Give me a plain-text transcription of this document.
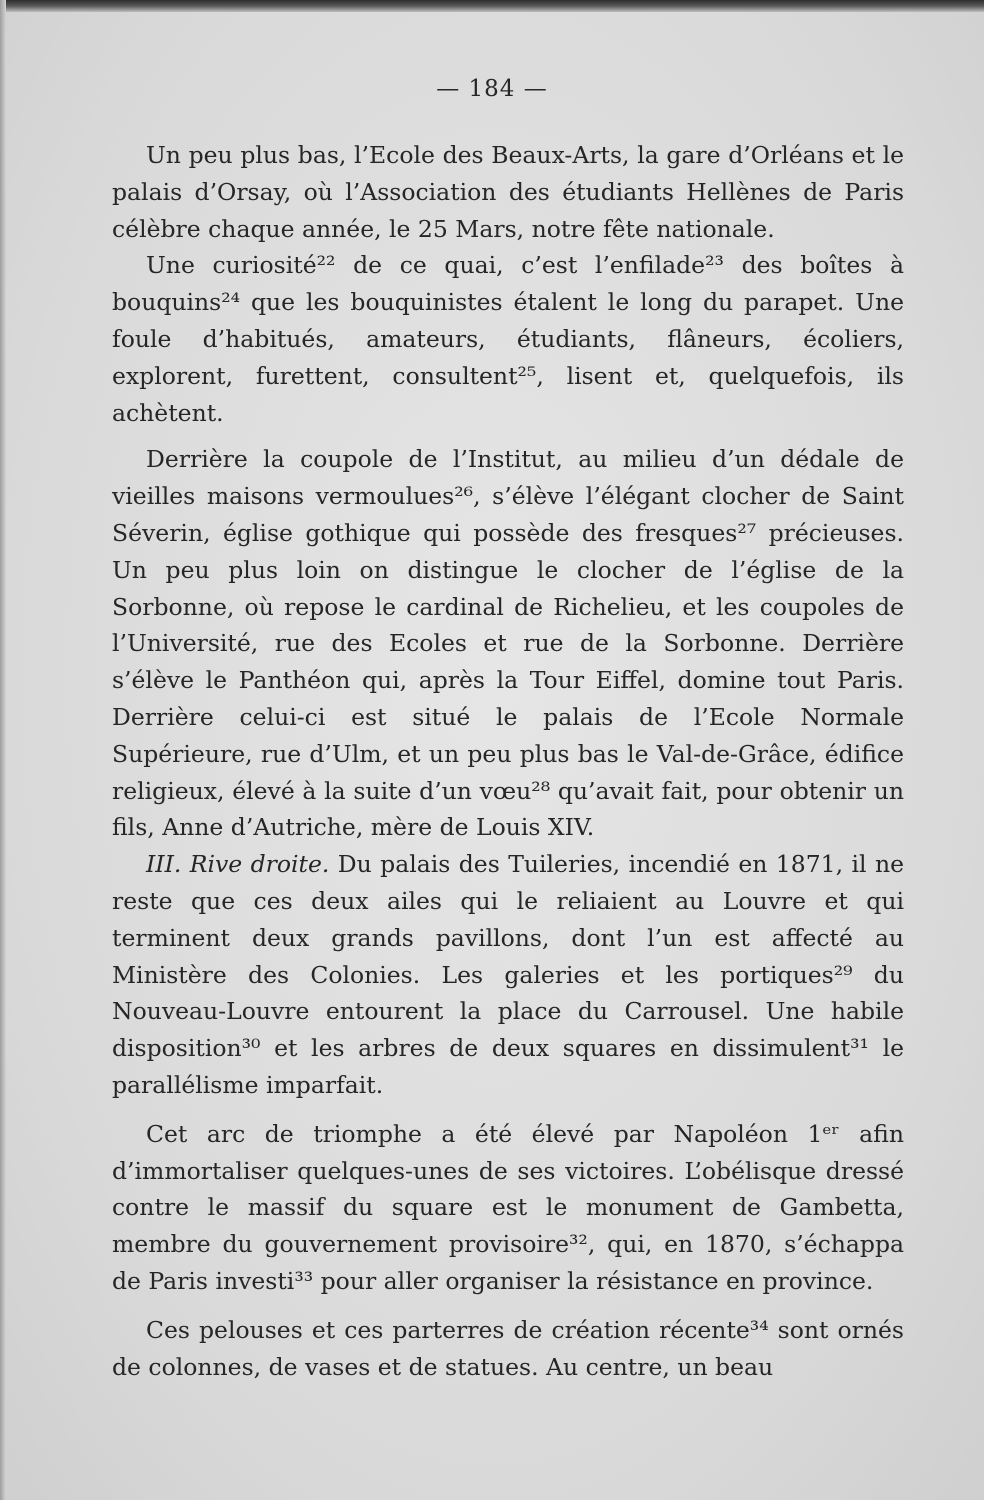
— 184 —

Un peu plus bas, l’Ecole des Beaux-Arts, la gare d’Orléans et le palais d’Orsay, où l’Association des étudiants Hellènes de Paris célèbre chaque année, le 25 Mars, notre fête nationale.

Une curiosité²² de ce quai, c’est l’enfilade²³ des boîtes à bouquins²⁴ que les bouquinistes étalent le long du parapet. Une foule d’habitués, amateurs, étudiants, flâneurs, écoliers, explorent, furettent, consultent²⁵, lisent et, quelquefois, ils achètent.

Derrière la coupole de l’Institut, au milieu d’un dédale de vieilles maisons vermoulues²⁶, s’élève l’élégant clocher de Saint Séverin, église gothique qui possède des fresques²⁷ précieuses. Un peu plus loin on distingue le clocher de l’église de la Sorbonne, où repose le cardinal de Richelieu, et les coupoles de l’Université, rue des Ecoles et rue de la Sorbonne. Derrière s’élève le Panthéon qui, après la Tour Eiffel, domine tout Paris. Derrière celui-ci est situé le palais de l’Ecole Normale Supérieure, rue d’Ulm, et un peu plus bas le Val-de-Grâce, édifice religieux, élevé à la suite d’un vœu²⁸ qu’avait fait, pour obtenir un fils, Anne d’Autriche, mère de Louis XIV.

III. Rive droite. Du palais des Tuileries, incendié en 1871, il ne reste que ces deux ailes qui le reliaient au Louvre et qui terminent deux grands pavillons, dont l’un est affecté au Ministère des Colonies. Les galeries et les portiques²⁹ du Nouveau-Louvre entourent la place du Carrousel. Une habile disposition³⁰ et les arbres de deux squares en dissimulent³¹ le parallélisme imparfait.

Cet arc de triomphe a été élevé par Napoléon 1ᵉʳ afin d’immortaliser quelques-unes de ses victoires. L’obélisque dressé contre le massif du square est le monument de Gambetta, membre du gouvernement provisoire³², qui, en 1870, s’échappa de Paris investi³³ pour aller organiser la résistance en province.

Ces pelouses et ces parterres de création récente³⁴ sont ornés de colonnes, de vases et de statues. Au centre, un beau
